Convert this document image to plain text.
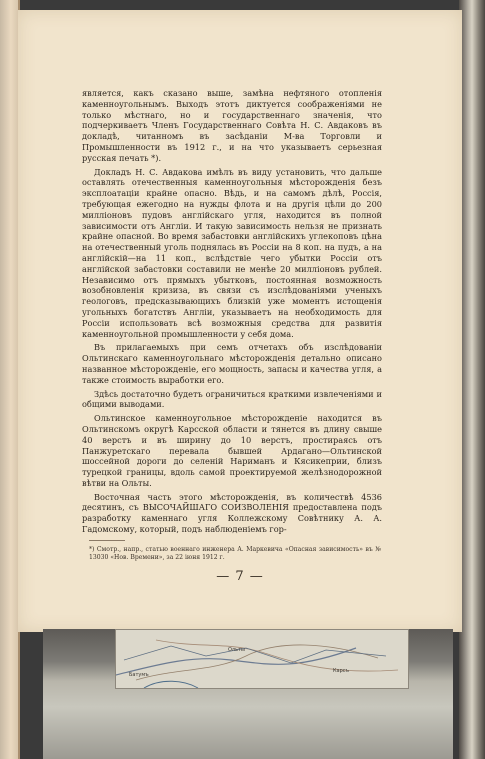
является, какъ сказано выше, замѣна нефтяного отопленія каменноугольнымъ. Выходъ этотъ диктуется соображеніями не только мѣстнаго, но и государственнаго значенія, что подчеркиваетъ Членъ Государственнаго Совѣта Н. С. Авдаковъ въ докладѣ, читанномъ въ засѣданіи М-ва Торговли и Промышленности въ 1912 г., и на что указываетъ серьезная русская печать *).

Докладъ Н. С. Авдакова имѣлъ въ виду установить, что дальше оставлять отечественныя каменноугольныя мѣсторожденія безъ эксплоатаціи крайне опасно. Вѣдь, и на самомъ дѣлѣ, Россія, требующая ежегодно на нужды флота и на другія цѣли до 200 милліоновъ пудовъ англійскаго угля, находится въ полной зависимости отъ Англіи. И такую зависимость нельзя не признать крайне опасной. Во время забастовки англійскихъ углекоповъ цѣна на отечественный уголь поднялась въ Россіи на 8 коп. на пудъ, а на англійскій—на 11 коп., вслѣдствіе чего убытки Россіи отъ англійской забастовки составили не менѣе 20 милліоновъ рублей. Независимо отъ прямыхъ убытковъ, постоянная возможность возобновленія кризиза, въ связи съ изслѣдованіями ученыхъ геологовъ, предсказывающихъ близкій уже моментъ истощенія угольныхъ богатствъ Англіи, указываетъ на необходимость для Россіи использовать всѣ возможныя средства для развитія каменноугольной промышленности у себя дома.

Въ прилагаемыхъ при семъ отчетахъ объ изслѣдованіи Ольтинскаго каменноугольнаго мѣсторожденія детально описано названное мѣсторожденіе, его мощность, запасы и качества угля, а также стоимость выработки его.

Здѣсь достаточно будетъ ограничиться краткими извлеченіями и общими выводами.

Ольтинское каменноугольное мѣсторожденіе находится въ Ольтинскомъ округѣ Карсской области и тянется въ длину свыше 40 верстъ и въ ширину до 10 верстъ, простираясь отъ Панжуретскаго перевала бывшей Ардагано—Ольтинской шоссейной дороги до селеній Нариманъ и Кясикеприи, близъ турецкой границы, вдоль самой проектируемой желѣзнодорожной вѣтви на Ольты.

Восточная часть этого мѣсторожденія, въ количествѣ 4536 десятинъ, съ ВЫСОЧАЙШАГО СОИЗВОЛЕНІЯ предоставлена подъ разработку каменнаго угля Коллежскому Совѣтнику А. А. Гадомскому, который, подъ наблюденіемъ гор-

*) Смотр., напр., статью военнаго инженера А. Маркевича «Опасная зависимость» въ № 13030 «Нов. Времени», за 22 іюня 1912 г.
— 7 —
Батумъ
Ольты
Карсъ
